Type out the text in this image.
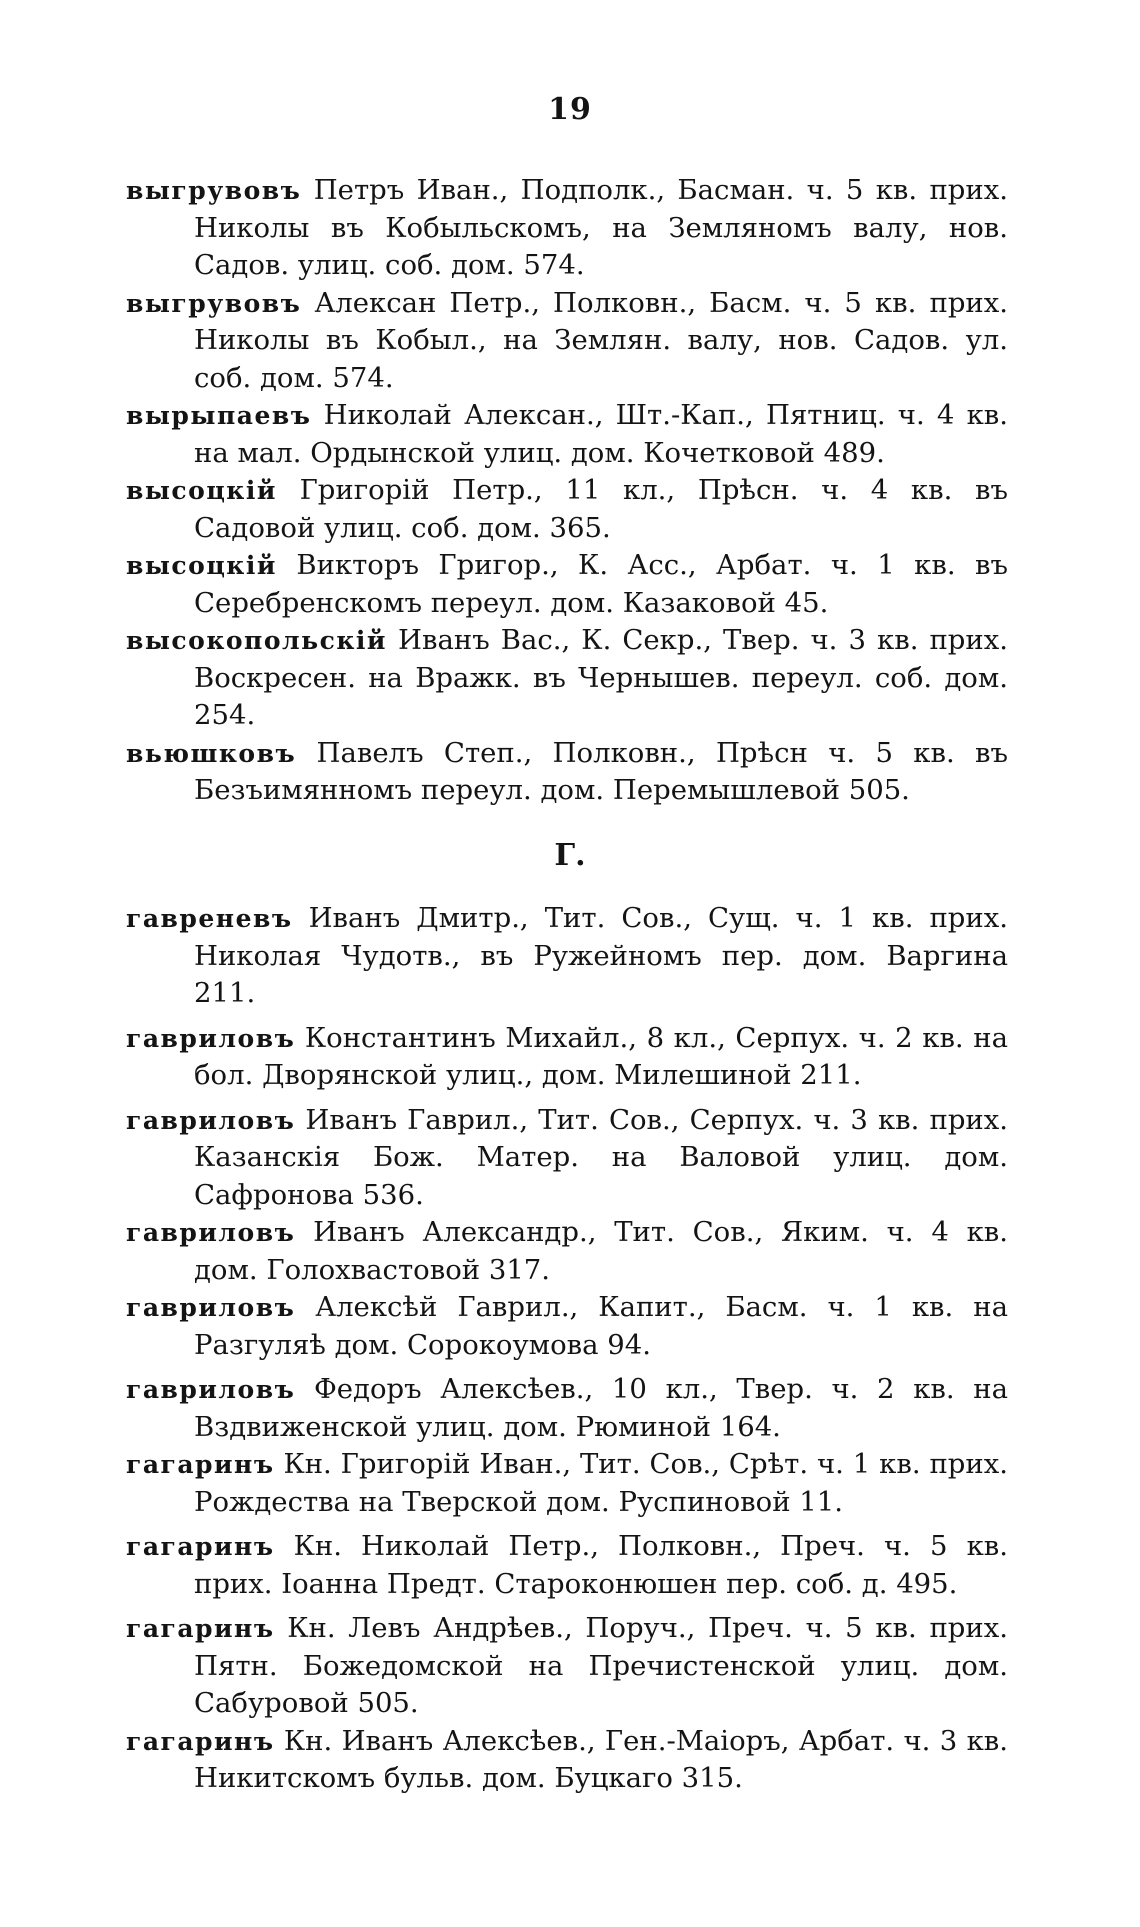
19

выгрувовъ Петръ Иван., Подполк., Басман. ч. 5 кв. прих. Николы въ Кобыльскомъ, на Земляномъ валу, нов. Садов. улиц. соб. дом. 574.

выгрувовъ Алексан Петр., Полковн., Басм. ч. 5 кв. прих. Николы въ Кобыл., на Землян. валу, нов. Садов. ул. соб. дом. 574.

вырыпаевъ Николай Алексан., Шт.-Кап., Пятниц. ч. 4 кв. на мал. Ордынской улиц. дом. Кочетковой 489.

высоцкій Григорій Петр., 11 кл., Прѣсн. ч. 4 кв. въ Садовой улиц. соб. дом. 365.

высоцкій Викторъ Григор., К. Асс., Арбат. ч. 1 кв. въ Серебренскомъ переул. дом. Казаковой 45.

высокопольскій Иванъ Вас., К. Секр., Твер. ч. 3 кв. прих. Воскресен. на Вражк. въ Чернышев. переул. соб. дом. 254.

вьюшковъ Павелъ Степ., Полковн., Прѣсн ч. 5 кв. въ Безъимянномъ переул. дом. Перемышлевой 505.

Г.

гавреневъ Иванъ Дмитр., Тит. Сов., Сущ. ч. 1 кв. прих. Николая Чудотв., въ Ружейномъ пер. дом. Варгина 211.

гавриловъ Константинъ Михайл., 8 кл., Серпух. ч. 2 кв. на бол. Дворянской улиц., дом. Милешиной 211.

гавриловъ Иванъ Гаврил., Тит. Сов., Серпух. ч. 3 кв. прих. Казанскія Бож. Матер. на Валовой улиц. дом. Сафронова 536.

гавриловъ Иванъ Александр., Тит. Сов., Яким. ч. 4 кв. дом. Голохвастовой 317.

гавриловъ Алексѣй Гаврил., Капит., Басм. ч. 1 кв. на Разгуляѣ дом. Сорокоумова 94.

гавриловъ Федоръ Алексѣев., 10 кл., Твер. ч. 2 кв. на Вздвиженской улиц. дом. Рюминой 164.

гагаринъ Кн. Григорій Иван., Тит. Сов., Срѣт. ч. 1 кв. прих. Рождества на Тверской дом. Руспиновой 11.

гагаринъ Кн. Николай Петр., Полковн., Преч. ч. 5 кв. прих. Іоанна Предт. Староконюшен пер. соб. д. 495.

гагаринъ Кн. Левъ Андрѣев., Поруч., Преч. ч. 5 кв. прих. Пятн. Божедомской на Пречистенской улиц. дом. Сабуровой 505.

гагаринъ Кн. Иванъ Алексѣев., Ген.-Маіоръ, Арбат. ч. 3 кв. Никитскомъ бульв. дом. Буцкаго 315.
